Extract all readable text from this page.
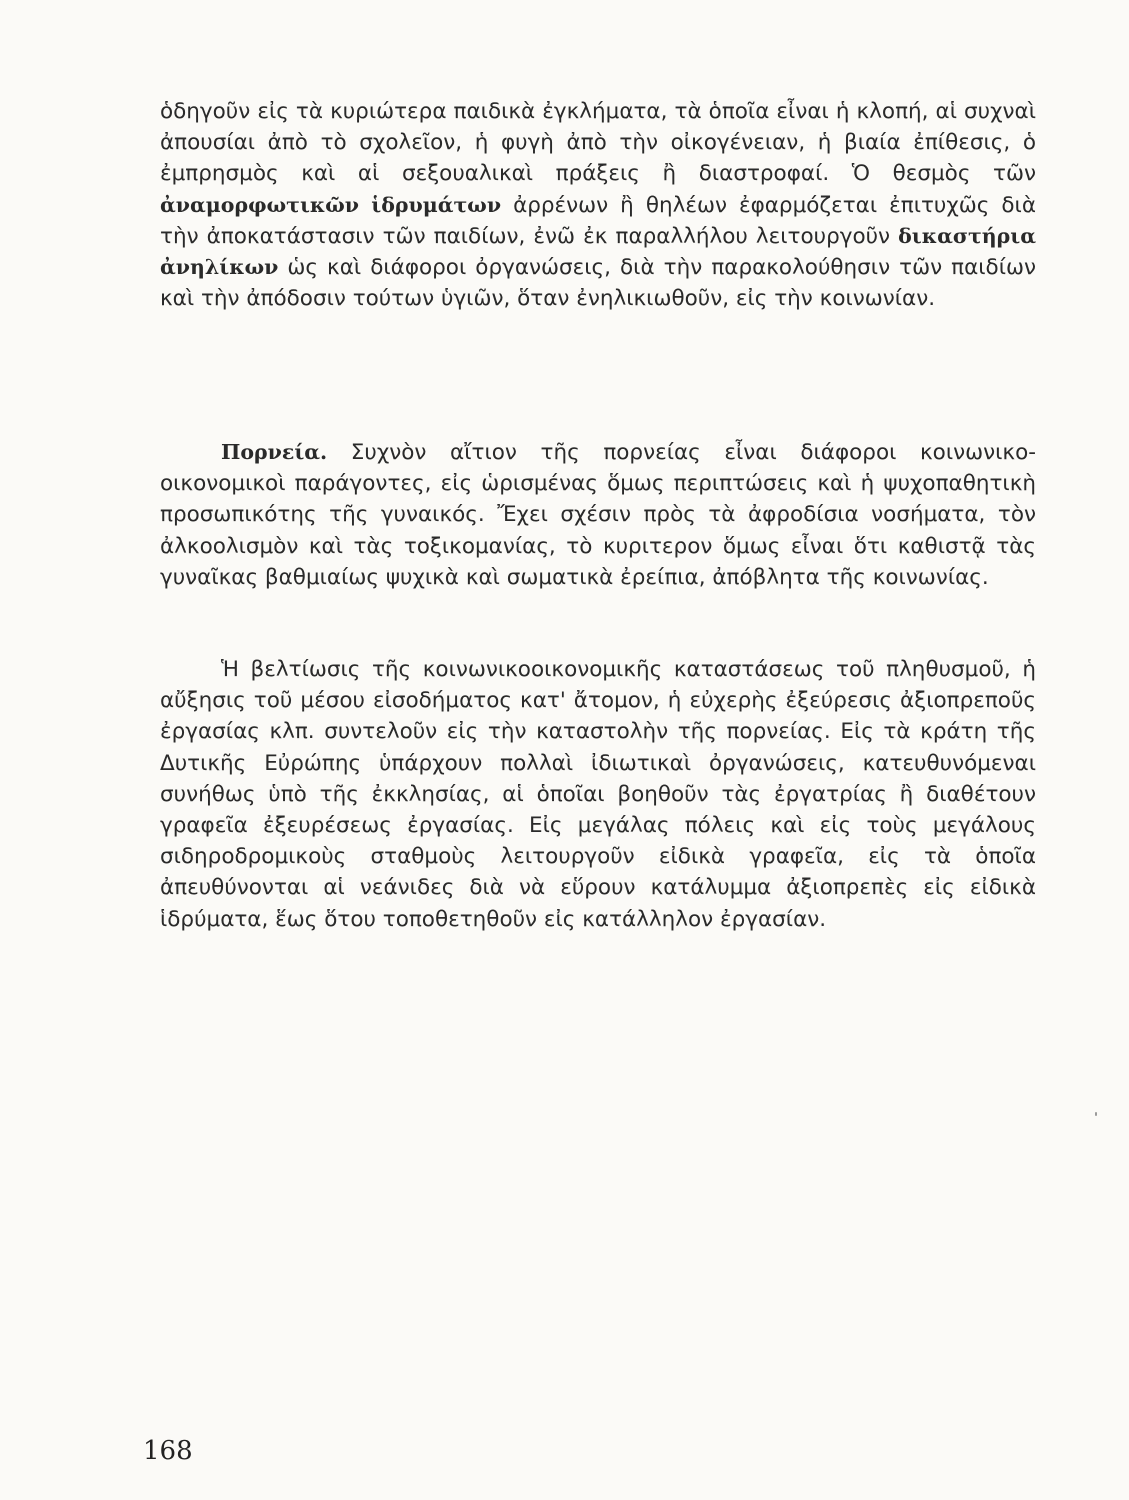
ὁδηγοῦν εἰς τὰ κυριώτερα παιδικὰ ἐγκλήματα, τὰ ὁποῖα εἶναι ἡ κλοπή, αἱ συχναὶ ἀπουσίαι ἀπὸ τὸ σχολεῖον, ἡ φυγὴ ἀπὸ τὴν οἰκογένειαν, ἡ βιαία ἐπίθεσις, ὁ ἐμπρησμὸς καὶ αἱ σεξουαλικαὶ πράξεις ἢ διαστροφαί. Ὁ θεσμὸς τῶν ἀναμορφωτικῶν ἱδρυμάτων ἀρρένων ἢ θηλέων ἐφαρμόζεται ἐπιτυχῶς διὰ τὴν ἀποκατάστασιν τῶν παιδίων, ἐνῶ ἐκ παραλλήλου λειτουργοῦν δικαστήρια ἀνηλίκων ὡς καὶ διάφοροι ὀργανώσεις, διὰ τὴν παρακολούθησιν τῶν παιδίων καὶ τὴν ἀπόδοσιν τούτων ὑγιῶν, ὅταν ἐνηλικιωθοῦν, εἰς τὴν κοινωνίαν.
Πορνεία. Συχνὸν αἴτιον τῆς πορνείας εἶναι διάφοροι κοινωνικοοικονομικοὶ παράγοντες, εἰς ὡρισμένας ὅμως περιπτώσεις καὶ ἡ ψυχοπαθητικὴ προσωπικότης τῆς γυναικός. Ἔχει σχέσιν πρὸς τὰ ἀφροδίσια νοσήματα, τὸν ἀλκοολισμὸν καὶ τὰς τοξικομανίας, τὸ κυριτερον ὅμως εἶναι ὅτι καθιστᾷ τὰς γυναῖκας βαθμιαίως ψυχικὰ καὶ σωματικὰ ἐρείπια, ἀπόβλητα τῆς κοινωνίας.
Ἡ βελτίωσις τῆς κοινωνικοοικονομικῆς καταστάσεως τοῦ πληθυσμοῦ, ἡ αὔξησις τοῦ μέσου εἰσοδήματος κατ' ἄτομον, ἡ εὐχερὴς ἐξεύρεσις ἀξιοπρεποῦς ἐργασίας κλπ. συντελοῦν εἰς τὴν καταστολὴν τῆς πορνείας. Εἰς τὰ κράτη τῆς Δυτικῆς Εὐρώπης ὑπάρχουν πολλαὶ ἰδιωτικαὶ ὀργανώσεις, κατευθυνόμεναι συνήθως ὑπὸ τῆς ἐκκλησίας, αἱ ὁποῖαι βοηθοῦν τὰς ἐργατρίας ἢ διαθέτουν γραφεῖα ἐξευρέσεως ἐργασίας. Εἰς μεγάλας πόλεις καὶ εἰς τοὺς μεγάλους σιδηροδρομικοὺς σταθμοὺς λειτουργοῦν εἰδικὰ γραφεῖα, εἰς τὰ ὁποῖα ἀπευθύνονται αἱ νεάνιδες διὰ νὰ εὕρουν κατάλυμμα ἀξιοπρεπὲς εἰς εἰδικὰ ἱδρύματα, ἕως ὅτου τοποθετηθοῦν εἰς κατάλληλον ἐργασίαν.
168
